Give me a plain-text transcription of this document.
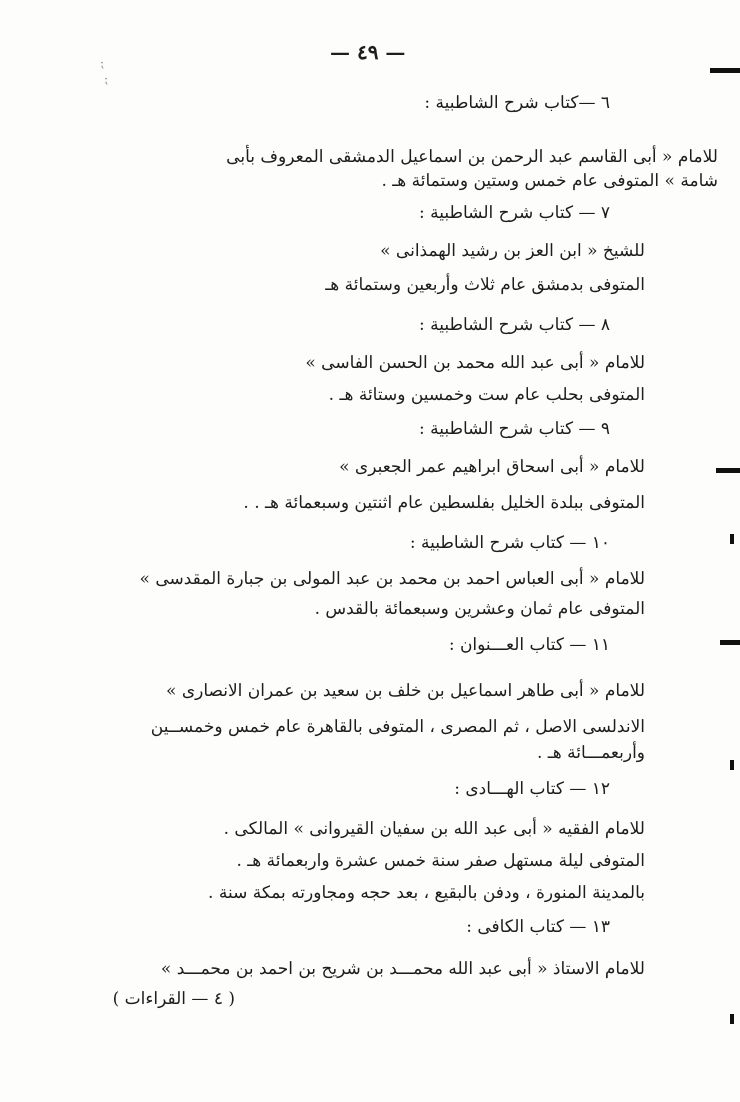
— ٤٩ —
٦ —كتاب شرح الشاطبية :
للامام « أبى القاسم عبد الرحمن بن اسماعيل الدمشقى المعروف بأبى
شامة » المتوفى عام خمس وستين وستمائة هـ .
٧ — كتاب شرح الشاطبية :
للشيخ « ابن العز بن رشيد الهمذانى »
المتوفى بدمشق عام ثلاث وأربعين وستمائة هـ
٨ — كتاب شرح الشاطبية :
للامام « أبى عبد الله محمد بن الحسن الفاسى »
المتوفى بحلب عام ست وخمسين وستائة هـ .
٩ — كتاب شرح الشاطبية :
للامام « أبى اسحاق ابراهيم عمر الجعبرى »
المتوفى ببلدة الخليل بفلسطين عام اثنتين وسبعمائة هـ . .
١٠ — كتاب شرح الشاطبية :
للامام « أبى العباس احمد بن محمد بن عبد المولى بن جبارة المقدسى »
المتوفى عام ثمان وعشرين وسبعمائة بالقدس .
١١ — كتاب العـــنوان :
للامام « أبى طاهر اسماعيل بن خلف بن سعيد بن عمران الانصارى »
الاندلسى الاصل ، ثم المصرى ، المتوفى بالقاهرة عام خمس وخمســين
وأربعمـــائة هـ .
١٢ — كتاب الهـــادى :
للامام الفقيه « أبى عبد الله بن سفيان القيروانى » المالكى .
المتوفى ليلة مستهل صفر سنة خمس عشرة واربعمائة هـ .
بالمدينة المنورة ، ودفن بالبقيع ، بعد حجه ومجاورته بمكة سنة .
١٣ — كتاب الكافى :
للامام الاستاذ « أبى عبد الله محمـــد بن شريح بن احمد بن محمـــد »
( ٤ — القراءات )
⁏
⁏
